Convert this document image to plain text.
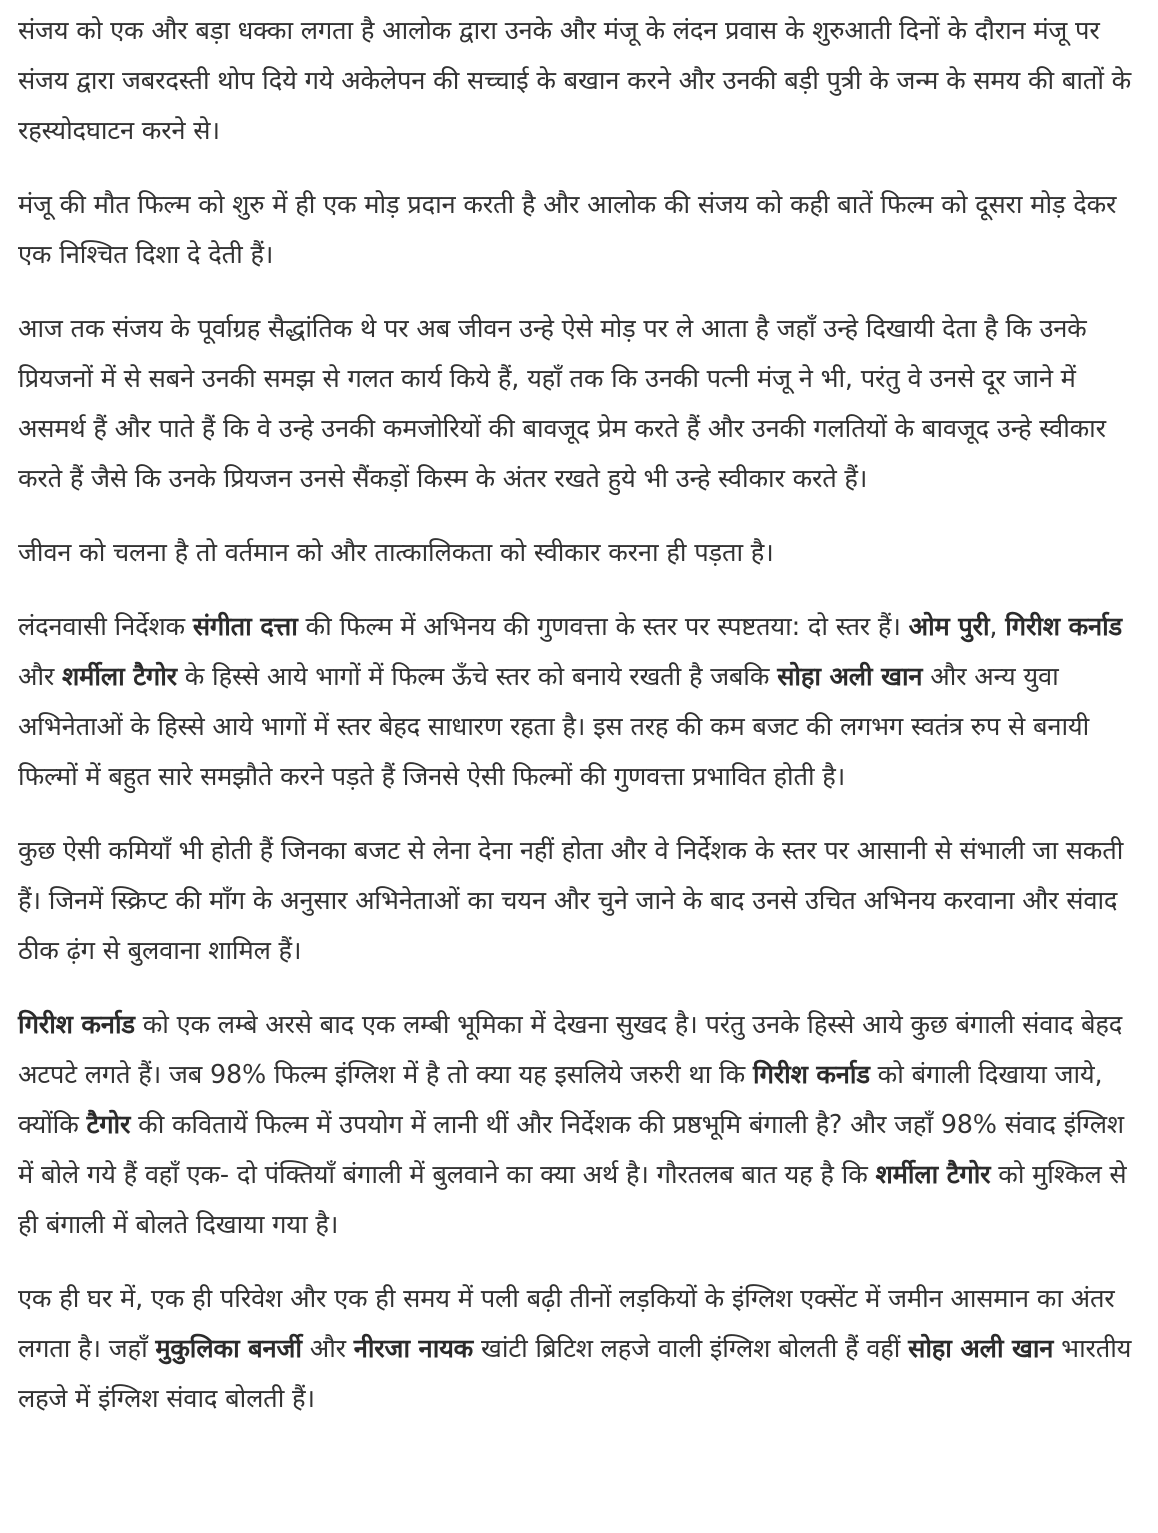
संजय को एक और बड़ा धक्का लगता है आलोक द्वारा उनके और मंजू के लंदन प्रवास के शुरुआती दिनों के दौरान मंजू पर संजय द्वारा जबरदस्ती थोप दिये गये अकेलेपन की सच्चाई के बखान करने और उनकी बड़ी पुत्री के जन्म के समय की बातों के रहस्योदघाटन करने से।

मंजू की मौत फिल्म को शुरु में ही एक मोड़ प्रदान करती है और आलोक की संजय को कही बातें फिल्म को दूसरा मोड़ देकर एक निश्चित दिशा दे देती हैं।

आज तक संजय के पूर्वाग्रह सैद्धांतिक थे पर अब जीवन उन्हे ऐसे मोड़ पर ले आता है जहाँ उन्हे दिखायी देता है कि उनके प्रियजनों में से सबने उनकी समझ से गलत कार्य किये हैं, यहाँ तक कि उनकी पत्नी मंजू ने भी, परंतु वे उनसे दूर जाने में असमर्थ हैं और पाते हैं कि वे उन्हे उनकी कमजोरियों की बावजूद प्रेम करते हैं और उनकी गलतियों के बावजूद उन्हे स्वीकार करते हैं जैसे कि उनके प्रियजन उनसे सैंकड़ों किस्म के अंतर रखते हुये भी उन्हे स्वीकार करते हैं।

जीवन को चलना है तो वर्तमान को और तात्कालिकता को स्वीकार करना ही पड़ता है।

लंदनवासी निर्देशक संगीता दत्ता की फिल्म में अभिनय की गुणवत्ता के स्तर पर स्पष्टतया: दो स्तर हैं। ओम पुरी, गिरीश कर्नाड और शर्मीला टैगोर के हिस्से आये भागों में फिल्म ऊँचे स्तर को बनाये रखती है जबकि सोहा अली खान और अन्य युवा अभिनेताओं के हिस्से आये भागों में स्तर बेहद साधारण रहता है। इस तरह की कम बजट की लगभग स्वतंत्र रुप से बनायी फिल्मों में बहुत सारे समझौते करने पड़ते हैं जिनसे ऐसी फिल्मों की गुणवत्ता प्रभावित होती है।

कुछ ऐसी कमियाँ भी होती हैं जिनका बजट से लेना देना नहीं होता और वे निर्देशक के स्तर पर आसानी से संभाली जा सकती हैं। जिनमें स्क्रिप्ट की माँग के अनुसार अभिनेताओं का चयन और चुने जाने के बाद उनसे उचित अभिनय करवाना और संवाद ठीक ढ़ंग से बुलवाना शामिल हैं।

गिरीश कर्नाड को एक लम्बे अरसे बाद एक लम्बी भूमिका में देखना सुखद है। परंतु उनके हिस्से आये कुछ बंगाली संवाद बेहद अटपटे लगते हैं। जब 98% फिल्म इंग्लिश में है तो क्या यह इसलिये जरुरी था कि गिरीश कर्नाड को बंगाली दिखाया जाये, क्योंकि टैगोर की कवितायें फिल्म में उपयोग में लानी थीं और निर्देशक की प्रष्ठभूमि बंगाली है? और जहाँ 98% संवाद इंग्लिश में बोले गये हैं वहाँ एक- दो पंक्तियाँ बंगाली में बुलवाने का क्या अर्थ है। गौरतलब बात यह है कि शर्मीला टैगोर को मुश्किल से ही बंगाली में बोलते दिखाया गया है।

एक ही घर में, एक ही परिवेश और एक ही समय में पली बढ़ी तीनों लड़कियों के इंग्लिश एक्सेंट में जमीन आसमान का अंतर लगता है। जहाँ मुकुलिका बनर्जी और नीरजा नायक खांटी ब्रिटिश लहजे वाली इंग्लिश बोलती हैं वहीं सोहा अली खान भारतीय लहजे में इंग्लिश संवाद बोलती हैं।
